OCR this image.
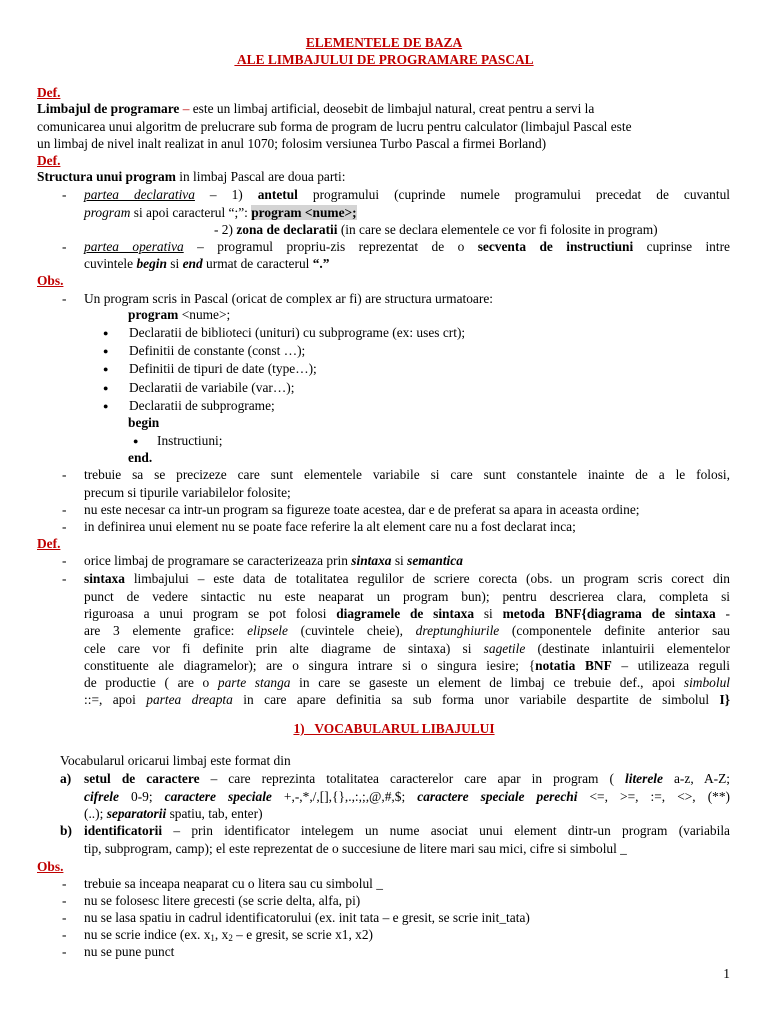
ELEMENTELE DE BAZA
ALE LIMBAJULUI DE PROGRAMARE PASCAL
Def.
Limbajul de programare – este un limbaj artificial, deosebit de limbajul natural, creat pentru a servi la
comunicarea unui algoritm de prelucrare sub forma de program de lucru pentru calculator (limbajul Pascal este
un limbaj de nivel inalt realizat in anul 1070; folosim versiunea Turbo Pascal a firmei Borland)
Def.
Structura unui program in limbaj Pascal are doua parti:
- partea declarativa – 1) antetul programului (cuprinde numele programului precedat de cuvantul
program si apoi caracterul “;”: program <nume>;
- 2) zona de declaratii (in care se declara elementele ce vor fi folosite in program)
- partea operativa – programul propriu-zis reprezentat de o secventa de instructiuni cuprinse intre
cuvintele begin si end urmat de caracterul “.”
Obs.
- Un program scris in Pascal (oricat de complex ar fi) are structura urmatoare:
program <nume>;
● Declaratii de biblioteci (unituri) cu subprograme (ex: uses crt);
● Definitii de constante (const …);
● Definitii de tipuri de date (type…);
● Declaratii de variabile (var…);
● Declaratii de subprograme;
begin
● Instructiuni;
end.
- trebuie sa se precizeze care sunt elementele variabile si care sunt constantele inainte de a le folosi,
precum si tipurile variabilelor folosite;
- nu este necesar ca intr-un program sa figureze toate acestea, dar e de preferat sa apara in aceasta ordine;
- in definirea unui element nu se poate face referire la alt element care nu a fost declarat inca;
Def.
- orice limbaj de programare se caracterizeaza prin sintaxa si semantica
- sintaxa limbajului – este data de totalitatea regulilor de scriere corecta (obs. un program scris corect din
punct de vedere sintactic nu este neaparat un program bun); pentru descrierea clara, completa si
riguroasa a unui program se pot folosi diagramele de sintaxa si metoda BNF{diagrama de sintaxa -
are 3 elemente grafice: elipsele (cuvintele cheie), dreptunghiurile (componentele definite anterior sau
cele care vor fi definite prin alte diagrame de sintaxa) si sagetile (destinate inlantuirii elementelor
constituente ale diagramelor); are o singura intrare si o singura iesire; {notatia BNF – utilizeaza reguli
de productie ( are o parte stanga in care se gaseste un element de limbaj ce trebuie def., apoi simbolul
::=, apoi partea dreapta in care apare definitia sa sub forma unor variabile despartite de simbolul I}
1)   VOCABULARUL LIBAJULUI
Vocabularul oricarui limbaj este format din
a) setul de caractere – care reprezinta totalitatea caracterelor care apar in program ( literele a-z, A-Z;
cifrele 0-9; caractere speciale +,-,*,/,[],{},.,:,;,@,#,$; caractere speciale perechi <=, >=, :=, <>, (**)
(..); separatorii spatiu, tab, enter)
b) identificatorii – prin identificator intelegem un nume asociat unui element dintr-un program (variabila
tip, subprogram, camp); el este reprezentat de o succesiune de litere mari sau mici, cifre si simbolul _
Obs.
- trebuie sa inceapa neaparat cu o litera sau cu simbolul _
- nu se folosesc litere grecesti (se scrie delta, alfa, pi)
- nu se lasa spatiu in cadrul identificatorului (ex. init tata – e gresit, se scrie init_tata)
- nu se scrie indice (ex. $x_1$, $x_2$ – e gresit, se scrie x1, x2)
- nu se pune punct
1
